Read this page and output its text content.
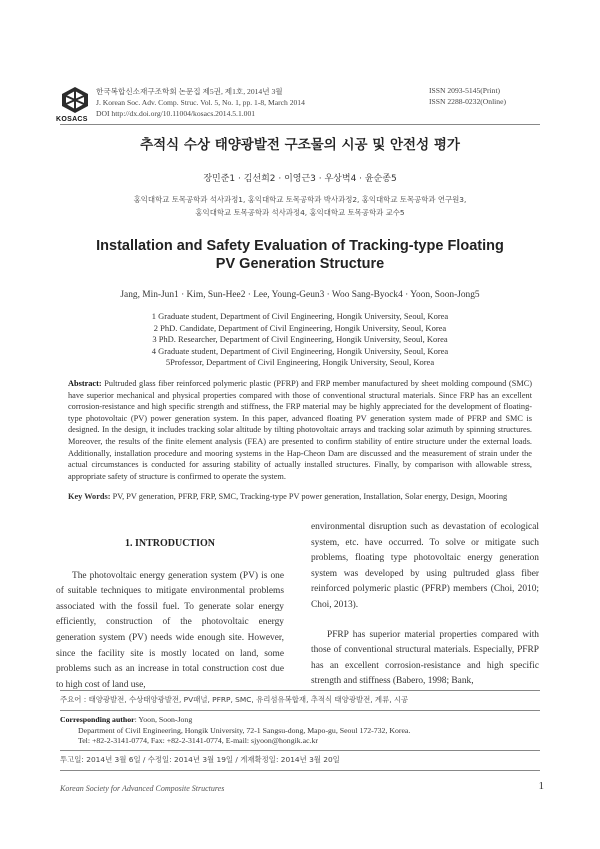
KOSACS
한국복합신소재구조학회 논문집 제5권, 제1호, 2014년 3월
J. Korean Soc. Adv. Comp. Struc. Vol. 5, No. 1, pp. 1-8, March 2014
DOI http://dx.doi.org/10.11004/kosacs.2014.5.1.001
ISSN 2093-5145(Print)
ISSN 2288-0232(Online)
추적식 수상 태양광발전 구조물의 시공 및 안전성 평가
장민준1 · 김선희2 · 이영근3 · 우상벽4 · 윤순종5
홍익대학교 토목공학과 석사과정1, 홍익대학교 토목공학과 박사과정2, 홍익대학교 토목공학과 연구원3,
홍익대학교 토목공학과 석사과정4, 홍익대학교 토목공학과 교수5
Installation and Safety Evaluation of Tracking-type Floating
PV Generation Structure
Jang, Min-Jun1 · Kim, Sun-Hee2 · Lee, Young-Geun3 · Woo Sang-Byock4 · Yoon, Soon-Jong5
1 Graduate student, Department of Civil Engineering, Hongik University, Seoul, Korea
2 PhD. Candidate, Department of Civil Engineering, Hongik University, Seoul, Korea
3 PhD. Researcher, Department of Civil Engineering, Hongik University, Seoul, Korea
4 Graduate student, Department of Civil Engineering, Hongik University, Seoul, Korea
5Professor, Department of Civil Engineering, Hongik University, Seoul, Korea
Abstract: Pultruded glass fiber reinforced polymeric plastic (PFRP) and FRP member manufactured by sheet molding compound (SMC) have superior mechanical and physical properties compared with those of conventional structural materials. Since FRP has an excellent corrosion-resistance and high specific strength and stiffness, the FRP material may be highly appreciated for the development of floating-type photovoltaic (PV) power generation system. In this paper, advanced floating PV generation system made of PFRP and SMC is designed. In the design, it includes tracking solar altitude by tilting photovoltaic arrays and tracking solar azimuth by spinning structures. Moreover, the results of the finite element analysis (FEA) are presented to confirm stability of entire structure under the external loads. Additionally, installation procedure and mooring systems in the Hap-Cheon Dam are discussed and the measurement of strain under the actual circumstances is conducted for assuring stability of actually installed structures. Finally, by comparison with allowable stress, appropriate safety of structure is confirmed to operate the system.
Key Words: PV, PV generation, PFRP, FRP, SMC, Tracking-type PV power generation, Installation, Solar energy, Design, Mooring
1. INTRODUCTION

The photovoltaic energy generation system (PV) is one of suitable techniques to mitigate environmental problems associated with the fossil fuel. To generate solar energy efficiently, construction of the photovoltaic energy generation system (PV) needs wide enough site. However, since the facility site is mostly located on land, some problems such as an increase in total construction cost due to high cost of land use,

environmental disruption such as devastation of ecological system, etc. have occurred. To solve or mitigate such problems, floating type photovoltaic energy generation system was developed by using pultruded glass fiber reinforced polymeric plastic (PFRP) members (Choi, 2010; Choi, 2013).

PFRP has superior material properties compared with those of conventional structural materials. Especially, PFRP has an excellent corrosion-resistance and high specific strength and stiffness (Babero, 1998; Bank,

주요어 : 태양광발전, 수상태양광발전, PV패널, PFRP, SMC, 유리섬유복합재, 추적식 태양광발전, 계류, 시공
Corresponding author: Yoon, Soon-Jong
Department of Civil Engineering, Hongik University, 72-1 Sangsu-dong, Mapo-gu, Seoul 172-732, Korea.
Tel: +82-2-3141-0774, Fax: +82-2-3141-0774, E-mail: sjyoon@hongik.ac.kr
투고일: 2014년 3월 6일 / 수정일: 2014년 3월 19일 / 게재확정일: 2014년 3월 20일
Korean Society for Advanced Composite Structures	1
